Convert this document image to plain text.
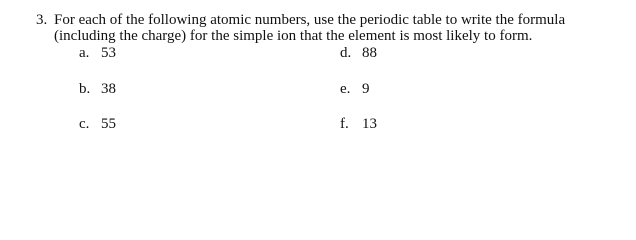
3. For each of the following atomic numbers, use the periodic table to write the formula
(including the charge) for the simple ion that the element is most likely to form.
a. 53
b. 38
c. 55
d. 88
e. 9
f. 13
